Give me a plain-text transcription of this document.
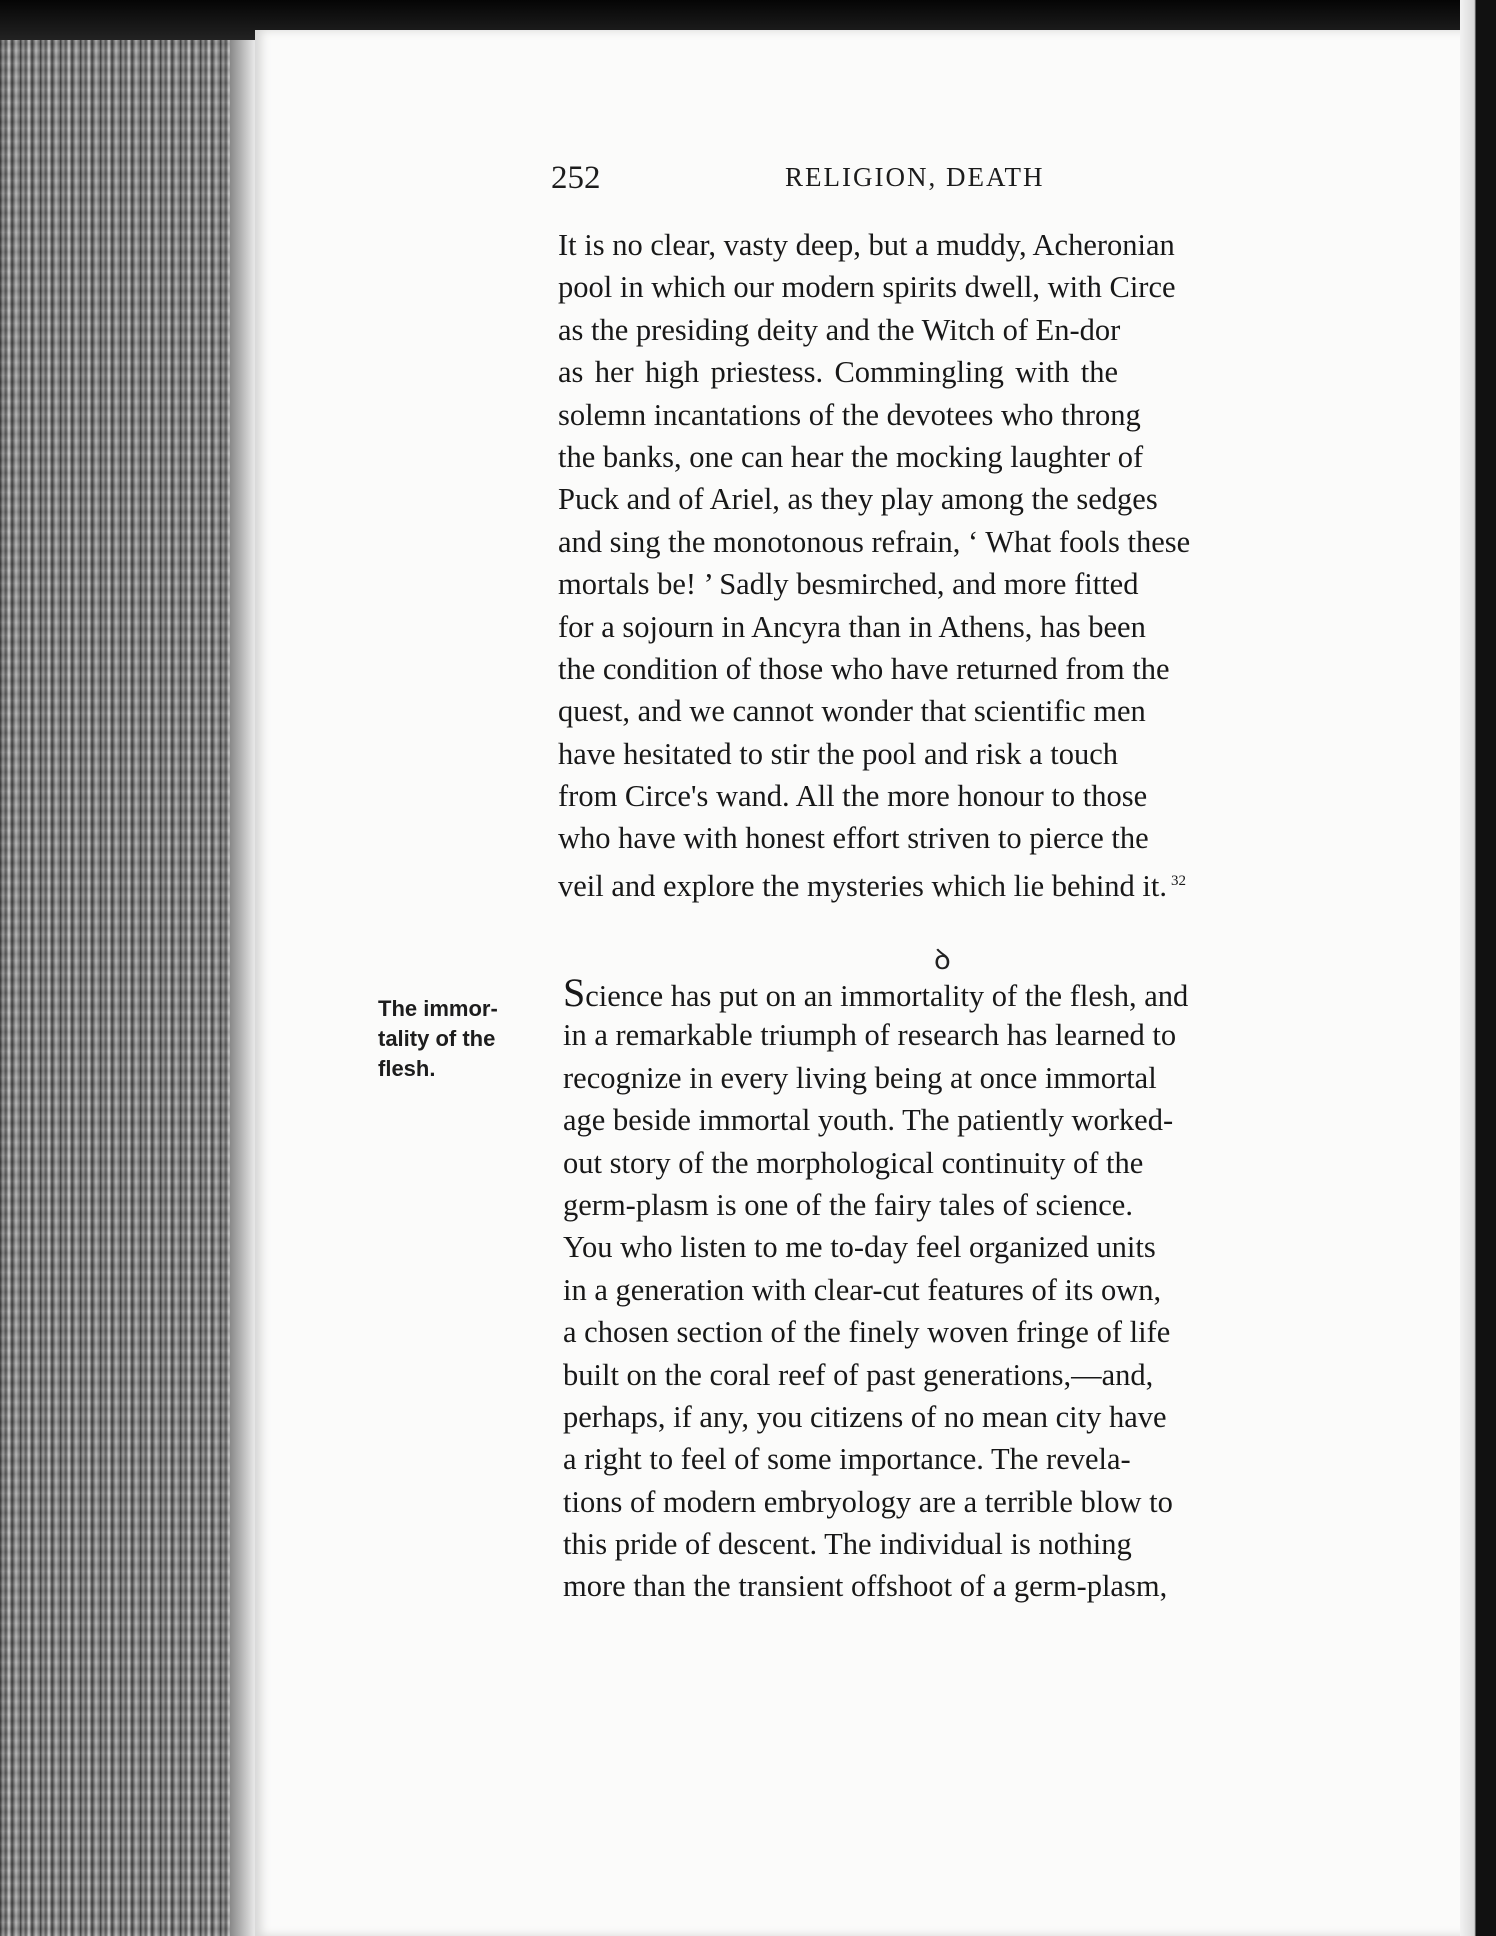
252	RELIGION, DEATH
It is no clear, vasty deep, but a muddy, Acheronian
pool in which our modern spirits dwell, with Circe
as the presiding deity and the Witch of En-dor
as her high priestess. Commingling with the
solemn incantations of the devotees who throng
the banks, one can hear the mocking laughter of
Puck and of Ariel, as they play among the sedges
and sing the monotonous refrain, ‘ What fools these
mortals be! ’ Sadly besmirched, and more fitted
for a sojourn in Ancyra than in Athens, has been
the condition of those who have returned from the
quest, and we cannot wonder that scientific men
have hesitated to stir the pool and risk a touch
from Circe's wand. All the more honour to those
who have with honest effort striven to pierce the
veil and explore the mysteries which lie behind it. $^{32}$
ꝺ
The immor-
tality of the
flesh.
Science has put on an immortality of the flesh, and
in a remarkable triumph of research has learned to
recognize in every living being at once immortal
age beside immortal youth. The patiently worked-
out story of the morphological continuity of the
germ-plasm is one of the fairy tales of science.
You who listen to me to-day feel organized units
in a generation with clear-cut features of its own,
a chosen section of the finely woven fringe of life
built on the coral reef of past generations,—and,
perhaps, if any, you citizens of no mean city have
a right to feel of some importance. The revela-
tions of modern embryology are a terrible blow to
this pride of descent. The individual is nothing
more than the transient offshoot of a germ-plasm,
